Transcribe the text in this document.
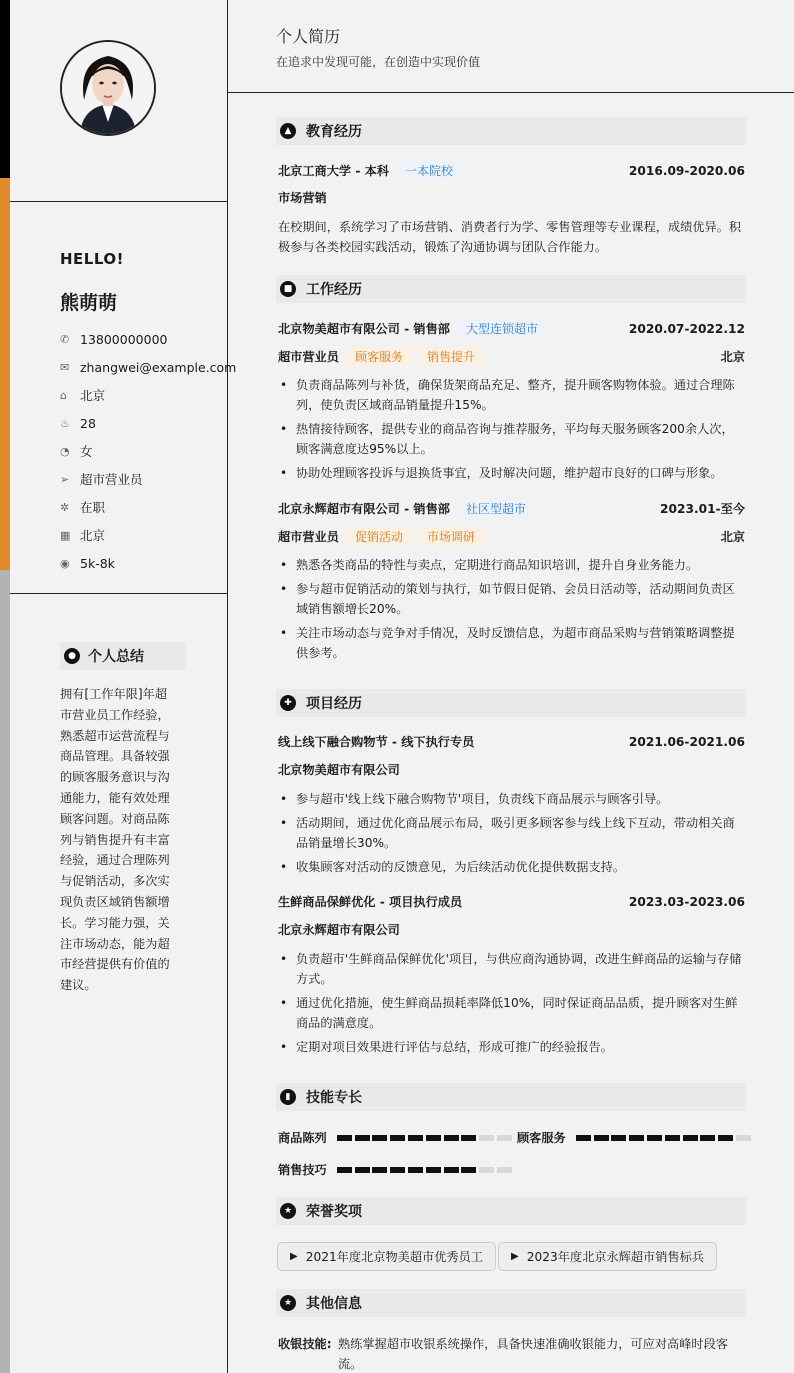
HELLO!
熊萌萌
✆ 13800000000
✉ zhangwei@example.com
⌂	北京
♨ 28
◔ 女
➢ 超市营业员
✲ 在职
▦ 北京
◉ 5k-8k
● 个人总结
拥有[工作年限]年超市营业员工作经验，熟悉超市运营流程与商品管理。具备较强的顾客服务意识与沟通能力，能有效处理顾客问题。对商品陈列与销售提升有丰富经验，通过合理陈列与促销活动，多次实现负责区域销售额增长。学习能力强，关注市场动态，能为超市经营提供有价值的建议。
个人简历
在追求中发现可能，在创造中实现价值
▲	教育经历
北京工商大学 - 本科	一本院校	2016.09-2020.06
市场营销
在校期间，系统学习了市场营销、消费者行为学、零售管理等专业课程，成绩优异。积极参与各类校园实践活动，锻炼了沟通协调与团队合作能力。
■ 工作经历
北京物美超市有限公司 - 销售部	大型连锁超市	2020.07-2022.12
超市营业员	顾客服务	销售提升	北京
• 负责商品陈列与补货，确保货架商品充足、整齐，提升顾客购物体验。通过合理陈列，使负责区域商品销量提升15%。
• 热情接待顾客，提供专业的商品咨询与推荐服务，平均每天服务顾客200余人次，顾客满意度达95%以上。
• 协助处理顾客投诉与退换货事宜，及时解决问题，维护超市良好的口碑与形象。
北京永辉超市有限公司 - 销售部	社区型超市	2023.01-至今
超市营业员	促销活动	市场调研	北京
• 熟悉各类商品的特性与卖点，定期进行商品知识培训，提升自身业务能力。
• 参与超市促销活动的策划与执行，如节假日促销、会员日活动等，活动期间负责区域销售额增长20%。
• 关注市场动态与竞争对手情况，及时反馈信息，为超市商品采购与营销策略调整提供参考。
✚	项目经历
线上线下融合购物节 - 线下执行专员	2021.06-2021.06
北京物美超市有限公司
• 参与超市'线上线下融合购物节'项目，负责线下商品展示与顾客引导。
• 活动期间，通过优化商品展示布局，吸引更多顾客参与线上线下互动，带动相关商品销量增长30%。
• 收集顾客对活动的反馈意见，为后续活动优化提供数据支持。
生鲜商品保鲜优化 - 项目执行成员	2023.03-2023.06
北京永辉超市有限公司
• 负责超市'生鲜商品保鲜优化'项目，与供应商沟通协调，改进生鲜商品的运输与存储方式。
• 通过优化措施，使生鲜商品损耗率降低10%，同时保证商品品质，提升顾客对生鲜商品的满意度。
• 定期对项目效果进行评估与总结，形成可推广的经验报告。
▮	技能专长
商品陈列	顾客服务
销售技巧
★ 荣誉奖项
▶ 2021年度北京物美超市优秀员工	▶ 2023年度北京永辉超市销售标兵
★ 其他信息
收银技能: 熟练掌握超市收银系统操作，具备快速准确收银能力，可应对高峰时段客流。
